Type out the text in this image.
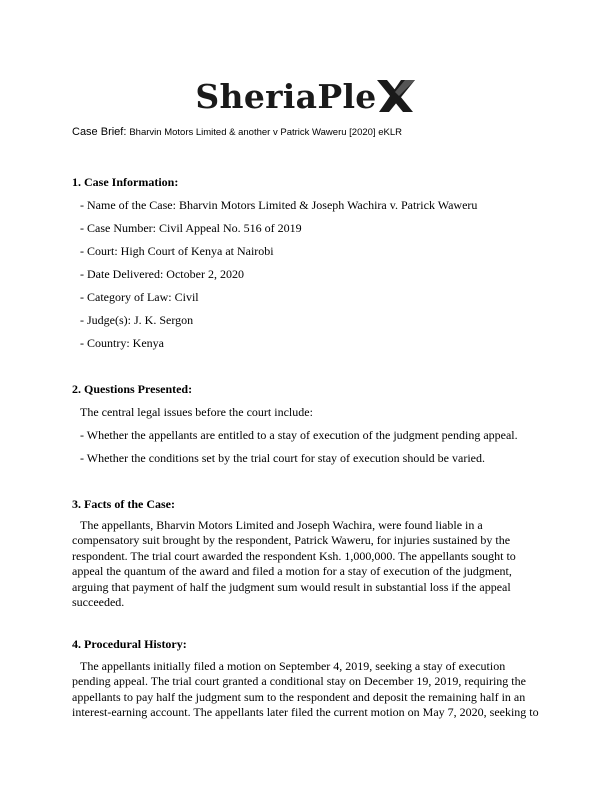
SheriaPle
Case Brief: Bharvin Motors Limited & another v Patrick Waweru [2020] eKLR
1. Case Information:
- Name of the Case: Bharvin Motors Limited & Joseph Wachira v. Patrick Waweru
- Case Number: Civil Appeal No. 516 of 2019
- Court: High Court of Kenya at Nairobi
- Date Delivered: October 2, 2020
- Category of Law: Civil
- Judge(s): J. K. Sergon
- Country: Kenya
2. Questions Presented:
The central legal issues before the court include:
- Whether the appellants are entitled to a stay of execution of the judgment pending appeal.
- Whether the conditions set by the trial court for stay of execution should be varied.
3. Facts of the Case:
The appellants, Bharvin Motors Limited and Joseph Wachira, were found liable in a compensatory suit brought by the respondent, Patrick Waweru, for injuries sustained by the respondent. The trial court awarded the respondent Ksh. 1,000,000. The appellants sought to appeal the quantum of the award and filed a motion for a stay of execution of the judgment, arguing that payment of half the judgment sum would result in substantial loss if the appeal succeeded.
4. Procedural History:
The appellants initially filed a motion on September 4, 2019, seeking a stay of execution pending appeal. The trial court granted a conditional stay on December 19, 2019, requiring the appellants to pay half the judgment sum to the respondent and deposit the remaining half in an interest-earning account. The appellants later filed the current motion on May 7, 2020, seeking to
